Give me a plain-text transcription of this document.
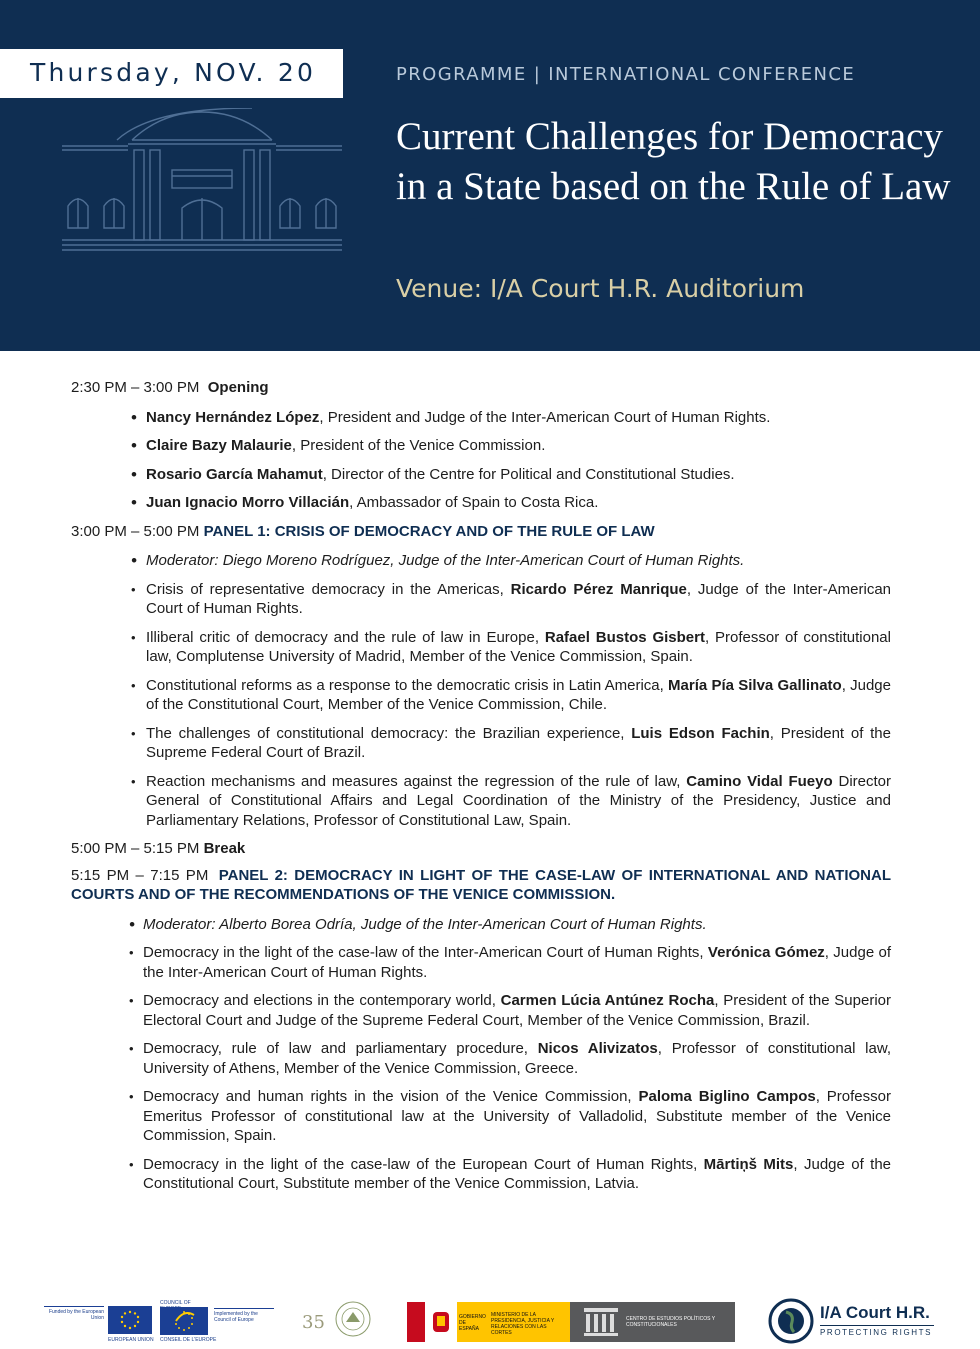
Thursday, NOV. 20	PROGRAMME | INTERNATIONAL CONFERENCE
Current Challenges for Democracy in a State based on the Rule of Law
Venue: I/A Court H.R. Auditorium
2:30 PM – 3:00 PM Opening
• Nancy Hernández López, President and Judge of the Inter-American Court of Human Rights.
• Claire Bazy Malaurie, President of the Venice Commission.
• Rosario García Mahamut, Director of the Centre for Political and Constitutional Studies.
• Juan Ignacio Morro Villacián, Ambassador of Spain to Costa Rica.
3:00 PM – 5:00 PM PANEL 1: CRISIS OF DEMOCRACY AND OF THE RULE OF LAW
• Moderator: Diego Moreno Rodríguez, Judge of the Inter-American Court of Human Rights.
• Crisis of representative democracy in the Americas, Ricardo Pérez Manrique, Judge of the Inter-American Court of Human Rights.
• Illiberal critic of democracy and the rule of law in Europe, Rafael Bustos Gisbert, Professor of constitutional law, Complutense University of Madrid, Member of the Venice Commission, Spain.
• Constitutional reforms as a response to the democratic crisis in Latin America, María Pía Silva Gallinato, Judge of the Constitutional Court, Member of the Venice Commission, Chile.
• The challenges of constitutional democracy: the Brazilian experience, Luis Edson Fachin, President of the Supreme Federal Court of Brazil.
• Reaction mechanisms and measures against the regression of the rule of law, Camino Vidal Fueyo Director General of Constitutional Affairs and Legal Coordination of the Ministry of the Presidency, Justice and Parliamentary Relations, Professor of Constitutional Law, Spain.
5:00 PM – 5:15 PM Break
5:15 PM – 7:15 PM PANEL 2: DEMOCRACY IN LIGHT OF THE CASE-LAW OF INTERNATIONAL AND NATIONAL COURTS AND OF THE RECOMMENDATIONS OF THE VENICE COMMISSION.
• Moderator: Alberto Borea Odría, Judge of the Inter-American Court of Human Rights.
• Democracy in the light of the case-law of the Inter-American Court of Human Rights, Verónica Gómez, Judge of the Inter-American Court of Human Rights.
• Democracy and elections in the contemporary world, Carmen Lúcia Antúnez Rocha, President of the Superior Electoral Court and Judge of the Supreme Federal Court, Member of the Venice Commission, Brazil.
• Democracy, rule of law and parliamentary procedure, Nicos Alivizatos, Professor of constitutional law, University of Athens, Member of the Venice Commission, Greece.
• Democracy and human rights in the vision of the Venice Commission, Paloma Biglino Campos, Professor Emeritus Professor of constitutional law at the University of Valladolid, Substitute member of the Venice Commission, Spain.
• Democracy in the light of the case-law of the European Court of Human Rights, Mārtiņš Mits, Judge of the Constitutional Court, Substitute member of the Venice Commission, Latvia.
Funded by the European Union
EUROPEAN UNION
COUNCIL OF
CONSEIL DE L'EUROPE
Implemented by the Council of Europe	35	GOBIERNO DE ESPAÑA
MINISTERIO DE LA PRESIDENCIA, JUSTICIA Y RELACIONES CON LAS CORTES
CENTRO DE ESTUDIOS POLÍTICOS Y CONSTITUCIONALES
I/A Court H.R.
PROTECTING RIGHTS
